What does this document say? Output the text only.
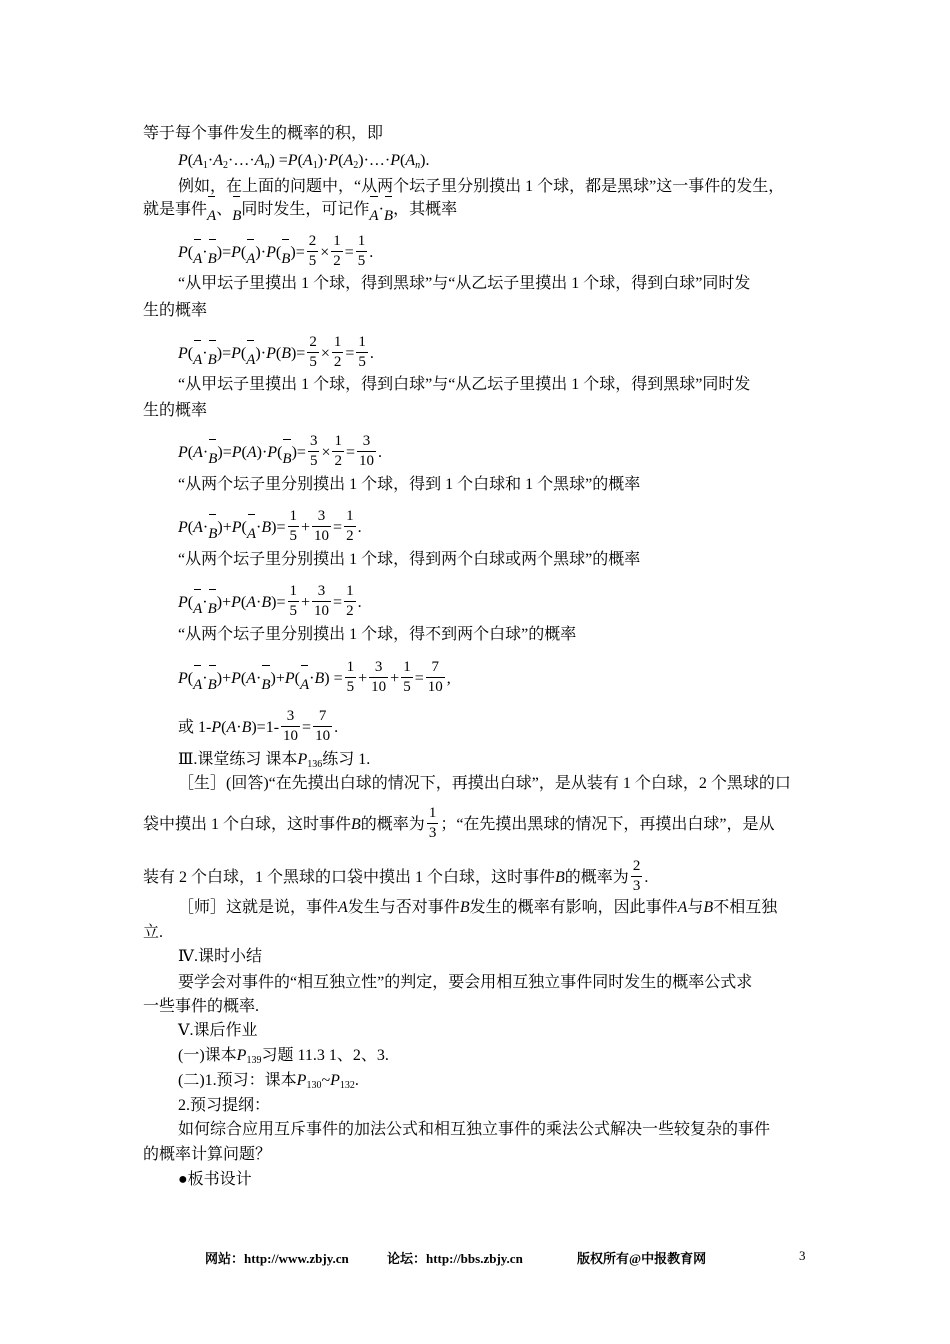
等于每个事件发生的概率的积，即
$P(A_1\cdot A_2\cdot\dots\cdot A_n)$ $=P(A_1)\cdot P(A_2)\cdot\dots\cdot P(A_n)$.
例如，在上面的问题中，“从两个坛子里分别摸出 1 个球，都是黑球”这一事件的发生，
就是事件
A、
B同时发生，可记作
A·
B，其概率
P(
A·
B)=P(
A)·P(
$B)= \frac{2}{5} \times \frac{1}{2} = \frac{1}{5}$ .
“从甲坛子里摸出 1 个球，得到黑球”与“从乙坛子里摸出 1 个球，得到白球”同时发
生的概率
P(
A·
B)=P(
$A)\cdot P(B)= \frac{2}{5} \times \frac{1}{2} = \frac{1}{5}$ .
“从甲坛子里摸出 1 个球，得到白球”与“从乙坛子里摸出 1 个球，得到黑球”同时发
生的概率
P(A·
B)=P(A)·P(
$B)= \frac{3}{5} \times \frac{1}{2} = \frac{3}{10}$ .
“从两个坛子里分别摸出 1 个球，得到 1 个白球和 1 个黑球”的概率
P(A·
B)+P(
$A\cdot B)= \frac{1}{5} + \frac{3}{10} = \frac{1}{2}$ .
“从两个坛子里分别摸出 1 个球，得到两个白球或两个黑球”的概率
P(
A·
$B)+P(A\cdot B)= \frac{1}{5} + \frac{3}{10} = \frac{1}{2}$ .
“从两个坛子里分别摸出 1 个球，得不到两个白球”的概率
P(
A·
B)+P(A·
B)+P(
$A\cdot B) = \frac{1}{5} + \frac{3}{10} + \frac{1}{5} = \frac{7}{10}$ ,
或 $1-P(A\cdot B)=1- \frac{3}{10} = \frac{7}{10}$ .
Ⅲ.课堂练习 课本$P_{136}$练习 1.
［生］(回答)“在先摸出白球的情况下，再摸出白球”，是从装有 1 个白球，2 个黑球的口
袋中摸出 1 个白球，这时事件B的概率为 $\frac{1}{3}$ ；“在先摸出黑球的情况下，再摸出白球”，是从
装有 2 个白球，1 个黑球的口袋中摸出 1 个白球，这时事件B的概率为 $\frac{2}{3}$ .
［师］这就是说，事件A发生与否对事件B发生的概率有影响，因此事件A与B不相互独
立.
Ⅳ.课时小结
要学会对事件的“相互独立性”的判定，要会用相互独立事件同时发生的概率公式求
一些事件的概率.
Ⅴ.课后作业
(一)课本$P_{139}$习题 11.3 1、2、3.
(二)1.预习：课本$P_{130}\sim P_{132}$.
2.预习提纲：
如何综合应用互斥事件的加法公式和相互独立事件的乘法公式解决一些较复杂的事件
的概率计算问题？
●板书设计
网站：http://www.zbjy.cn	论坛：http://bbs.zbjy.cn	版权所有@中报教育网	3
